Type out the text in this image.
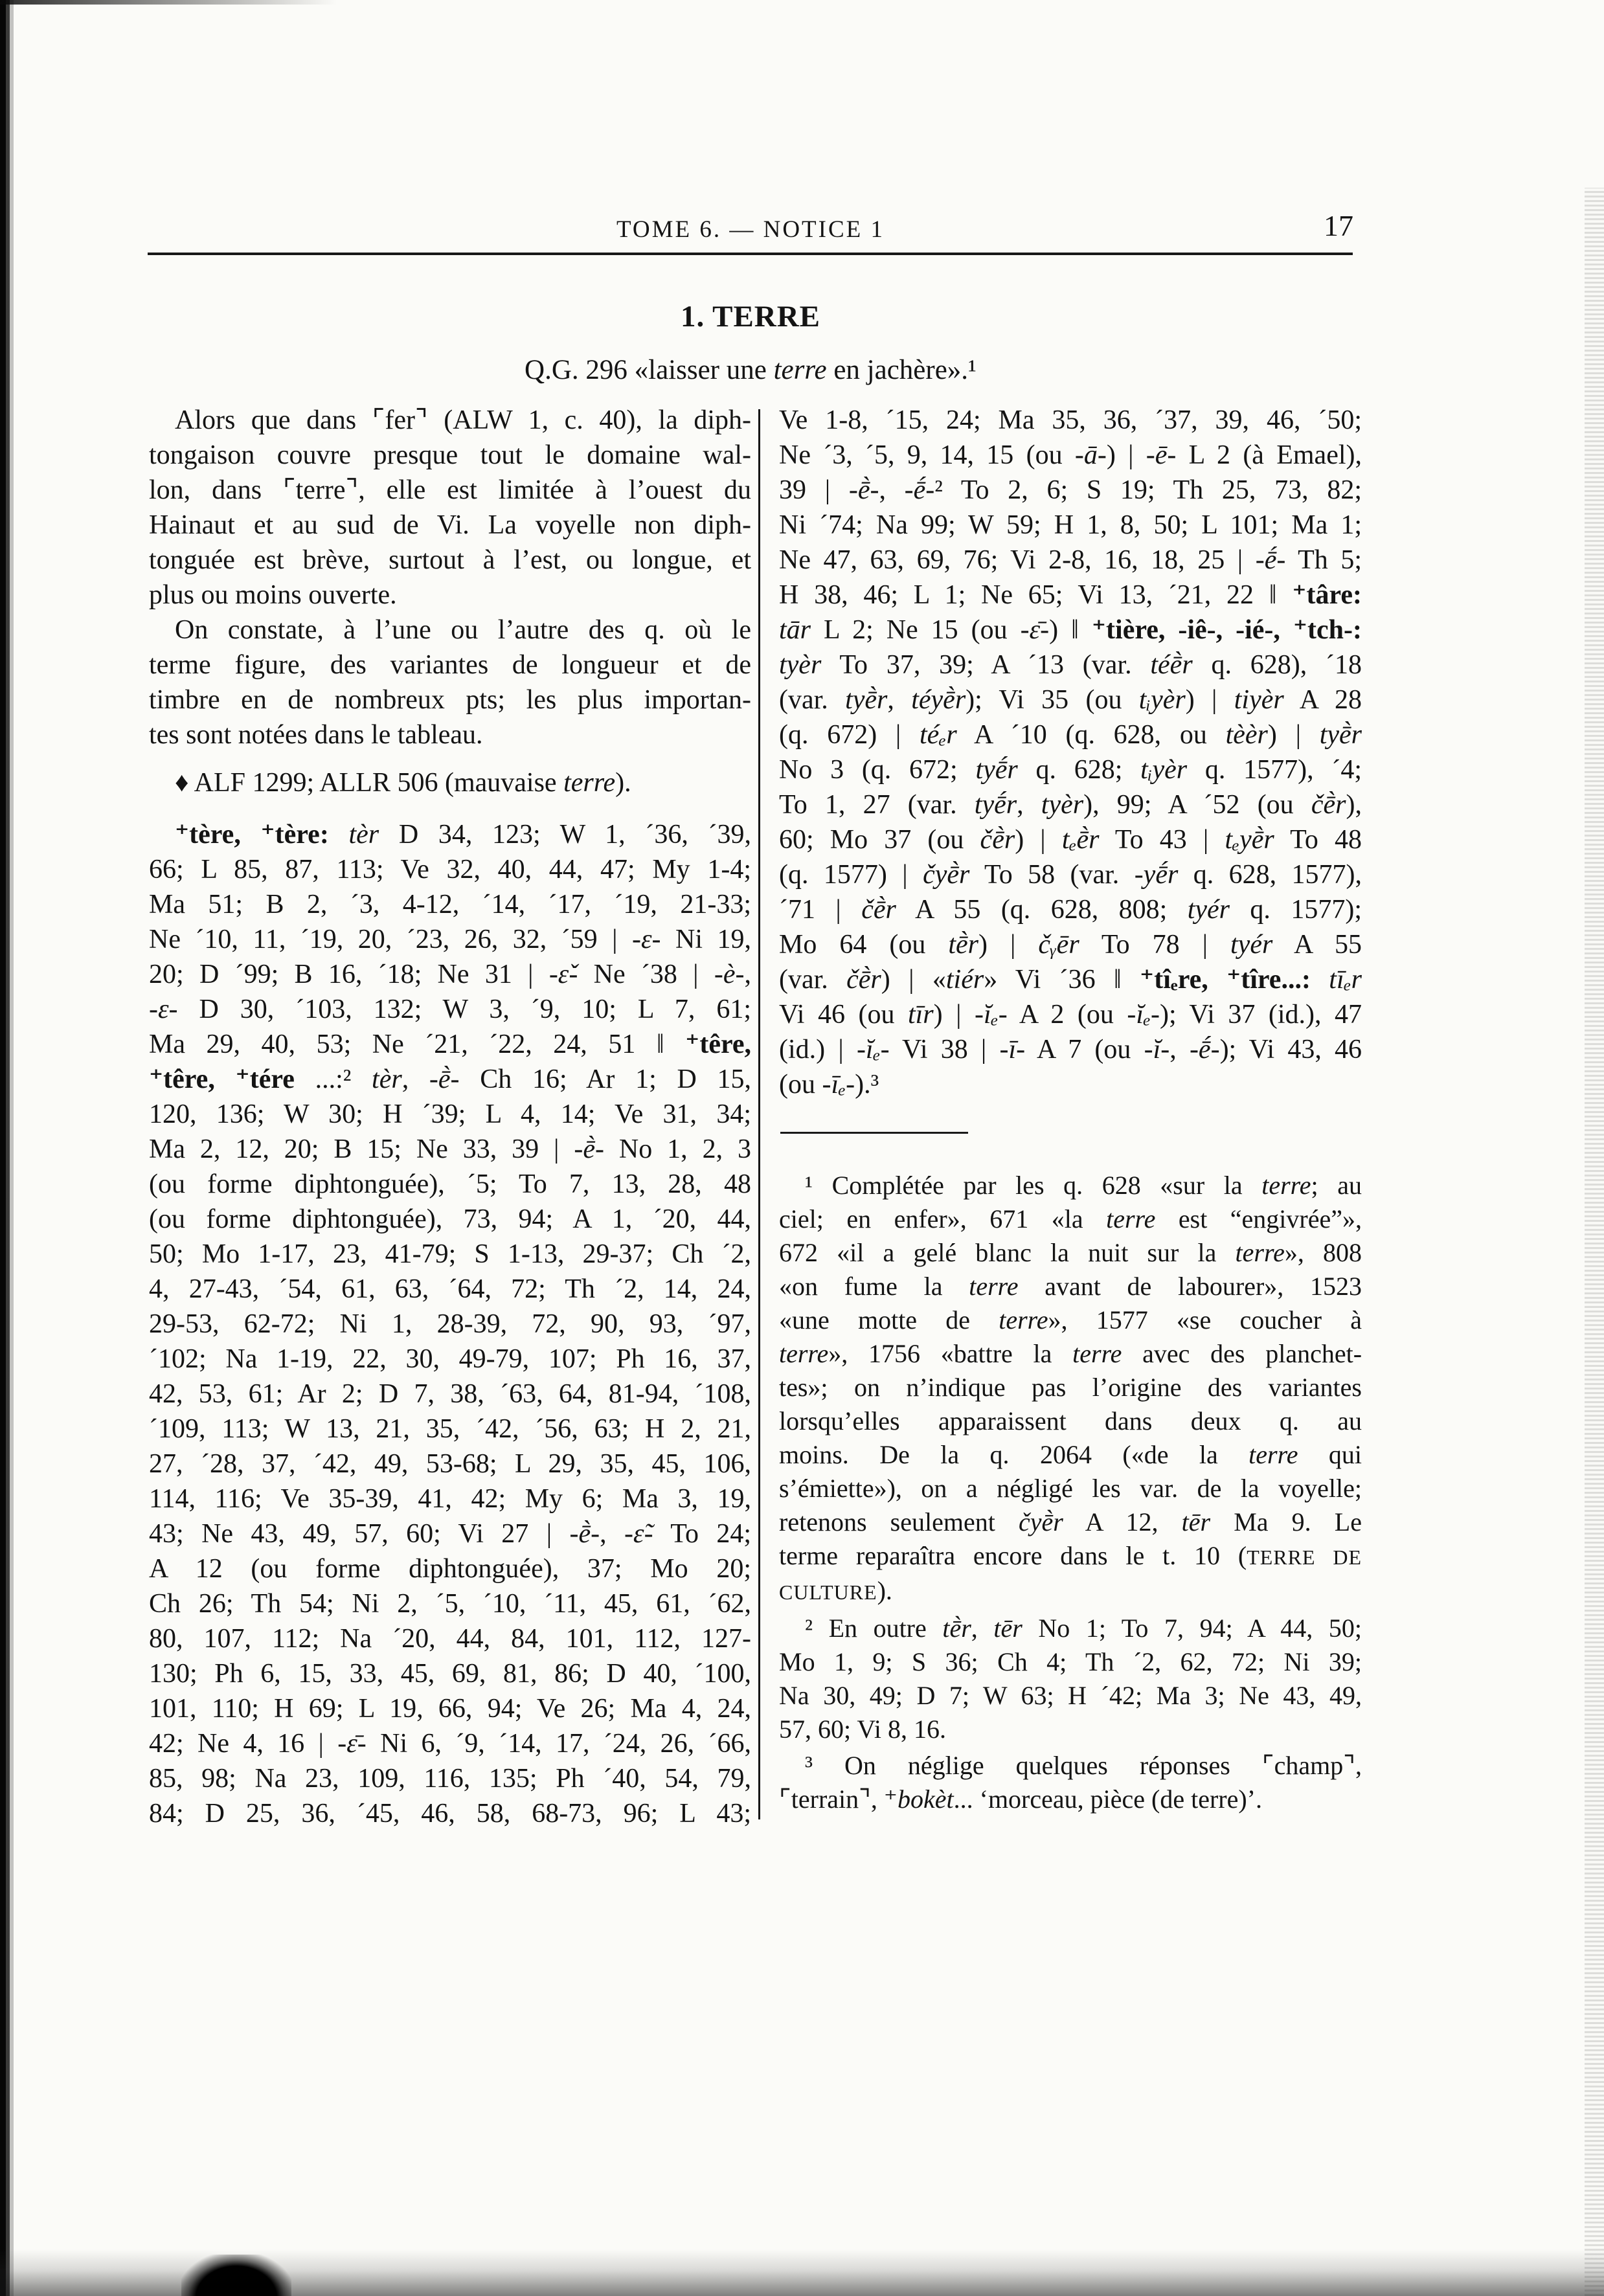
TOME 6. — NOTICE 1	17
1. TERRE
Q.G. 296 «laisser une terre en jachère».¹
Alors que dans ⌜fer⌝ (ALW 1, c. 40), la diph-
tongaison couvre presque tout le domaine wal-
lon, dans ⌜terre⌝, elle est limitée à l’ouest du
Hainaut et au sud de Vi. La voyelle non diph-
tonguée est brève, surtout à l’est, ou longue, et
plus ou moins ouverte.
On constate, à l’une ou l’autre des q. où le
terme figure, des variantes de longueur et de
timbre en de nombreux pts; les plus importan-
tes sont notées dans le tableau.
♦ ALF 1299; ALLR 506 (mauvaise terre).
⁺tère, ⁺tère: tèr D 34, 123; W 1, ´36, ´39,
66; L 85, 87, 113; Ve 32, 40, 44, 47; My 1-4;
Ma 51; B 2, ´3, 4-12, ´14, ´17, ´19, 21-33;
Ne ´10, 11, ´19, 20, ´23, 26, 32, ´59 | -ε- Ni 19,
20; D ´99; B 16, ´18; Ne 31 | -ɛ̌- Ne ´38 | -è-,
-ε- D 30, ´103, 132; W 3, ´9, 10; L 7, 61;
Ma 29, 40, 53; Ne ´21, ´22, 24, 51 ‖ ⁺têre,
⁺têre, ⁺tére ...:² tèr, -ḕ- Ch 16; Ar 1; D 15,
120, 136; W 30; H ´39; L 4, 14; Ve 31, 34;
Ma 2, 12, 20; B 15; Ne 33, 39 | -ḕ- No 1, 2, 3
(ou forme diphtonguée), ´5; To 7, 13, 28, 48
(ou forme diphtonguée), 73, 94; A 1, ´20, 44,
50; Mo 1-17, 23, 41-79; S 1-13, 29-37; Ch ´2,
4, 27-43, ´54, 61, 63, ´64, 72; Th ´2, 14, 24,
29-53, 62-72; Ni 1, 28-39, 72, 90, 93, ´97,
´102; Na 1-19, 22, 30, 49-79, 107; Ph 16, 37,
42, 53, 61; Ar 2; D 7, 38, ´63, 64, 81-94, ´108,
´109, 113; W 13, 21, 35, ´42, ´56, 63; H 2, 21,
27, ´28, 37, ´42, 49, 53-68; L 29, 35, 45, 106,
114, 116; Ve 35-39, 41, 42; My 6; Ma 3, 19,
43; Ne 43, 49, 57, 60; Vi 27 | -ḕ-, -ɛ̃- To 24;
A 12 (ou forme diphtonguée), 37; Mo 20;
Ch 26; Th 54; Ni 2, ´5, ´10, ´11, 45, 61, ´62,
80, 107, 112; Na ´20, 44, 84, 101, 112, 127-
130; Ph 6, 15, 33, 45, 69, 81, 86; D 40, ´100,
101, 110; H 69; L 19, 66, 94; Ve 26; Ma 4, 24,
42; Ne 4, 16 | -ɛ̄- Ni 6, ´9, ´14, 17, ´24, 26, ´66,
85, 98; Na 23, 109, 116, 135; Ph ´40, 54, 79,
84; D 25, 36, ´45, 46, 58, 68-73, 96; L 43;
Ve 1-8, ´15, 24; Ma 35, 36, ´37, 39, 46, ´50;
Ne ´3, ´5, 9, 14, 15 (ou -ā-) | -ē- L 2 (à Emael),
39 | -ḕ-, -ḗ-² To 2, 6; S 19; Th 25, 73, 82;
Ni ´74; Na 99; W 59; H 1, 8, 50; L 101; Ma 1;
Ne 47, 63, 69, 76; Vi 2-8, 16, 18, 25 | -ḗ- Th 5;
H 38, 46; L 1; Ne 65; Vi 13, ´21, 22 ‖ ⁺târe:
tār L 2; Ne 15 (ou -ɛ̄-) ‖ ⁺tière, -iê-, -ié-, ⁺tch-:
tyèr To 37, 39; A ´13 (var. téḕr q. 628), ´18
(var. tyḕr, téyḕr); Vi 35 (ou tᵢyèr) | tiyèr A 28
(q. 672) | téₑr A ´10 (q. 628, ou tèèr) | tyḕr
No 3 (q. 672; tyḗr q. 628; tᵢyèr q. 1577), ´4;
To 1, 27 (var. tyḗr, tyèr), 99; A ´52 (ou čḕr),
60; Mo 37 (ou čḕr) | tₑḕr To 43 | tₑyḕr To 48
(q. 1577) | čyḕr To 58 (var. -yḗr q. 628, 1577),
´71 | čḕr A 55 (q. 628, 808; tyér q. 1577);
Mo 64 (ou tḕr) | čᵧēr To 78 | tyér A 55
(var. čḕr) | «tiér» Vi ´36 ‖ ⁺tîₑre, ⁺tîre...: tīₑr
Vi 46 (ou tīr) | -ĭₑ- A 2 (ou -ĭₑ-); Vi 37 (id.), 47
(id.) | -ĭₑ- Vi 38 | -ī- A 7 (ou -ĭ-, -ḗ-); Vi 43, 46
(ou -īₑ-).³
¹ Complétée par les q. 628 «sur la terre; au
ciel; en enfer», 671 «la terre est “engivrée”»,
672 «il a gelé blanc la nuit sur la terre», 808
«on fume la terre avant de labourer», 1523
«une motte de terre», 1577 «se coucher à
terre», 1756 «battre la terre avec des planchet-
tes»; on n’indique pas l’origine des variantes
lorsqu’elles apparaissent dans deux q. au
moins. De la q. 2064 («de la terre qui
s’émiette»), on a négligé les var. de la voyelle;
retenons seulement čyḕr A 12, tēr Ma 9. Le
terme reparaîtra encore dans le t. 10 (TERRE DE
CULTURE).
² En outre tḕr, tēr No 1; To 7, 94; A 44, 50;
Mo 1, 9; S 36; Ch 4; Th ´2, 62, 72; Ni 39;
Na 30, 49; D 7; W 63; H ´42; Ma 3; Ne 43, 49,
57, 60; Vi 8, 16.
³ On néglige quelques réponses ⌜champ⌝,
⌜terrain⌝, ⁺bokèt... ‘morceau, pièce (de terre)’.
